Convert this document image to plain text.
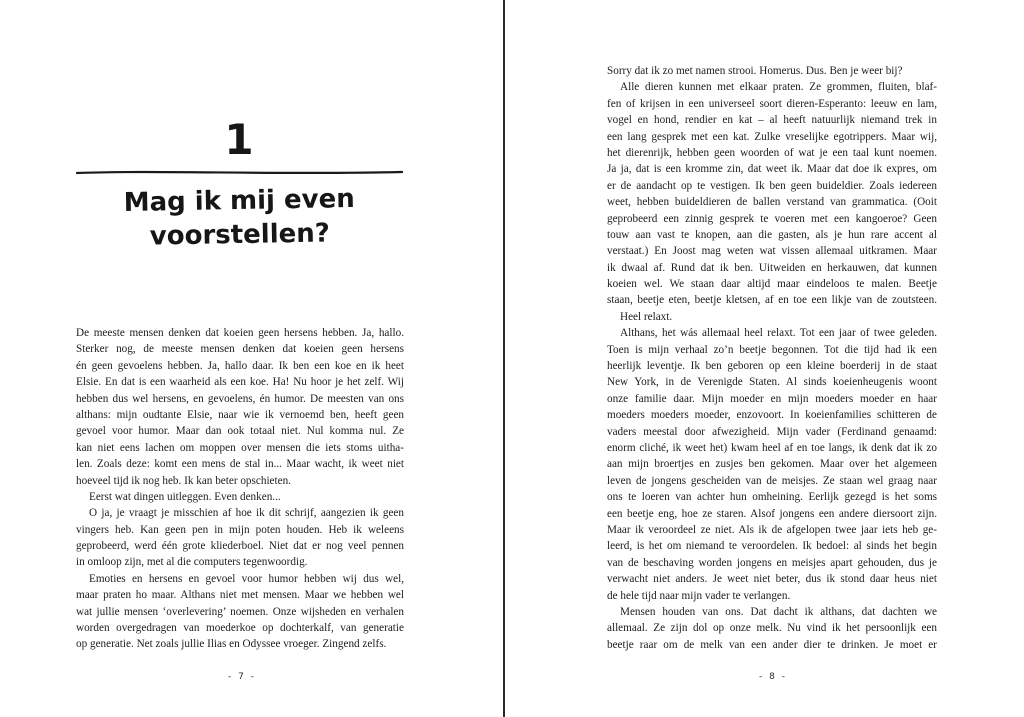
1
Mag ik mij even
voorstellen?
De meeste mensen denken dat koeien geen hersens hebben. Ja, hallo.
Sterker nog, de meeste mensen denken dat koeien geen hersens
én geen gevoelens hebben. Ja, hallo daar. Ik ben een koe en ik heet
Elsie. En dat is een waarheid als een koe. Ha! Nu hoor je het zelf. Wij
hebben dus wel hersens, en gevoelens, én humor. De meesten van ons
althans: mijn oudtante Elsie, naar wie ik vernoemd ben, heeft geen
gevoel voor humor. Maar dan ook totaal niet. Nul komma nul. Ze
kan niet eens lachen om moppen over mensen die iets stoms uitha-
len. Zoals deze: komt een mens de stal in... Maar wacht, ik weet niet
hoeveel tijd ik nog heb. Ik kan beter opschieten.
Eerst wat dingen uitleggen. Even denken...
O ja, je vraagt je misschien af hoe ik dit schrijf, aangezien ik geen
vingers heb. Kan geen pen in mijn poten houden. Heb ik weleens
geprobeerd, werd één grote kliederboel. Niet dat er nog veel pennen
in omloop zijn, met al die computers tegenwoordig.
Emoties en hersens en gevoel voor humor hebben wij dus wel,
maar praten ho maar. Althans niet met mensen. Maar we hebben wel
wat jullie mensen ‘overlevering’ noemen. Onze wijsheden en verhalen
worden overgedragen van moederkoe op dochterkalf, van generatie
op generatie. Net zoals jullie Ilias en Odyssee vroeger. Zingend zelfs.
- 7 -
Sorry dat ik zo met namen strooi. Homerus. Dus. Ben je weer bij?
Alle dieren kunnen met elkaar praten. Ze grommen, fluiten, blaf-
fen of krijsen in een universeel soort dieren-Esperanto: leeuw en lam,
vogel en hond, rendier en kat – al heeft natuurlijk niemand trek in
een lang gesprek met een kat. Zulke vreselijke egotrippers. Maar wij,
het dierenrijk, hebben geen woorden of wat je een taal kunt noemen.
Ja ja, dat is een kromme zin, dat weet ik. Maar dat doe ik expres, om
er de aandacht op te vestigen. Ik ben geen buideldier. Zoals iedereen
weet, hebben buideldieren de ballen verstand van grammatica. (Ooit
geprobeerd een zinnig gesprek te voeren met een kangoeroe? Geen
touw aan vast te knopen, aan die gasten, als je hun rare accent al
verstaat.) En Joost mag weten wat vissen allemaal uitkramen. Maar
ik dwaal af. Rund dat ik ben. Uitweiden en herkauwen, dat kunnen
koeien wel. We staan daar altijd maar eindeloos te malen. Beetje
staan, beetje eten, beetje kletsen, af en toe een likje van de zoutsteen.
Heel relaxt.
Althans, het wás allemaal heel relaxt. Tot een jaar of twee geleden.
Toen is mijn verhaal zo’n beetje begonnen. Tot die tijd had ik een
heerlijk leventje. Ik ben geboren op een kleine boerderij in de staat
New York, in de Verenigde Staten. Al sinds koeienheugenis woont
onze familie daar. Mijn moeder en mijn moeders moeder en haar
moeders moeders moeder, enzovoort. In koeienfamilies schitteren de
vaders meestal door afwezigheid. Mijn vader (Ferdinand genaamd:
enorm cliché, ik weet het) kwam heel af en toe langs, ik denk dat ik zo
aan mijn broertjes en zusjes ben gekomen. Maar over het algemeen
leven de jongens gescheiden van de meisjes. Ze staan wel graag naar
ons te loeren van achter hun omheining. Eerlijk gezegd is het soms
een beetje eng, hoe ze staren. Alsof jongens een andere diersoort zijn.
Maar ik veroordeel ze niet. Als ik de afgelopen twee jaar iets heb ge-
leerd, is het om niemand te veroordelen. Ik bedoel: al sinds het begin
van de beschaving worden jongens en meisjes apart gehouden, dus je
verwacht niet anders. Je weet niet beter, dus ik stond daar heus niet
de hele tijd naar mijn vader te verlangen.
Mensen houden van ons. Dat dacht ik althans, dat dachten we
allemaal. Ze zijn dol op onze melk. Nu vind ik het persoonlijk een
beetje raar om de melk van een ander dier te drinken. Je moet er
- 8 -
